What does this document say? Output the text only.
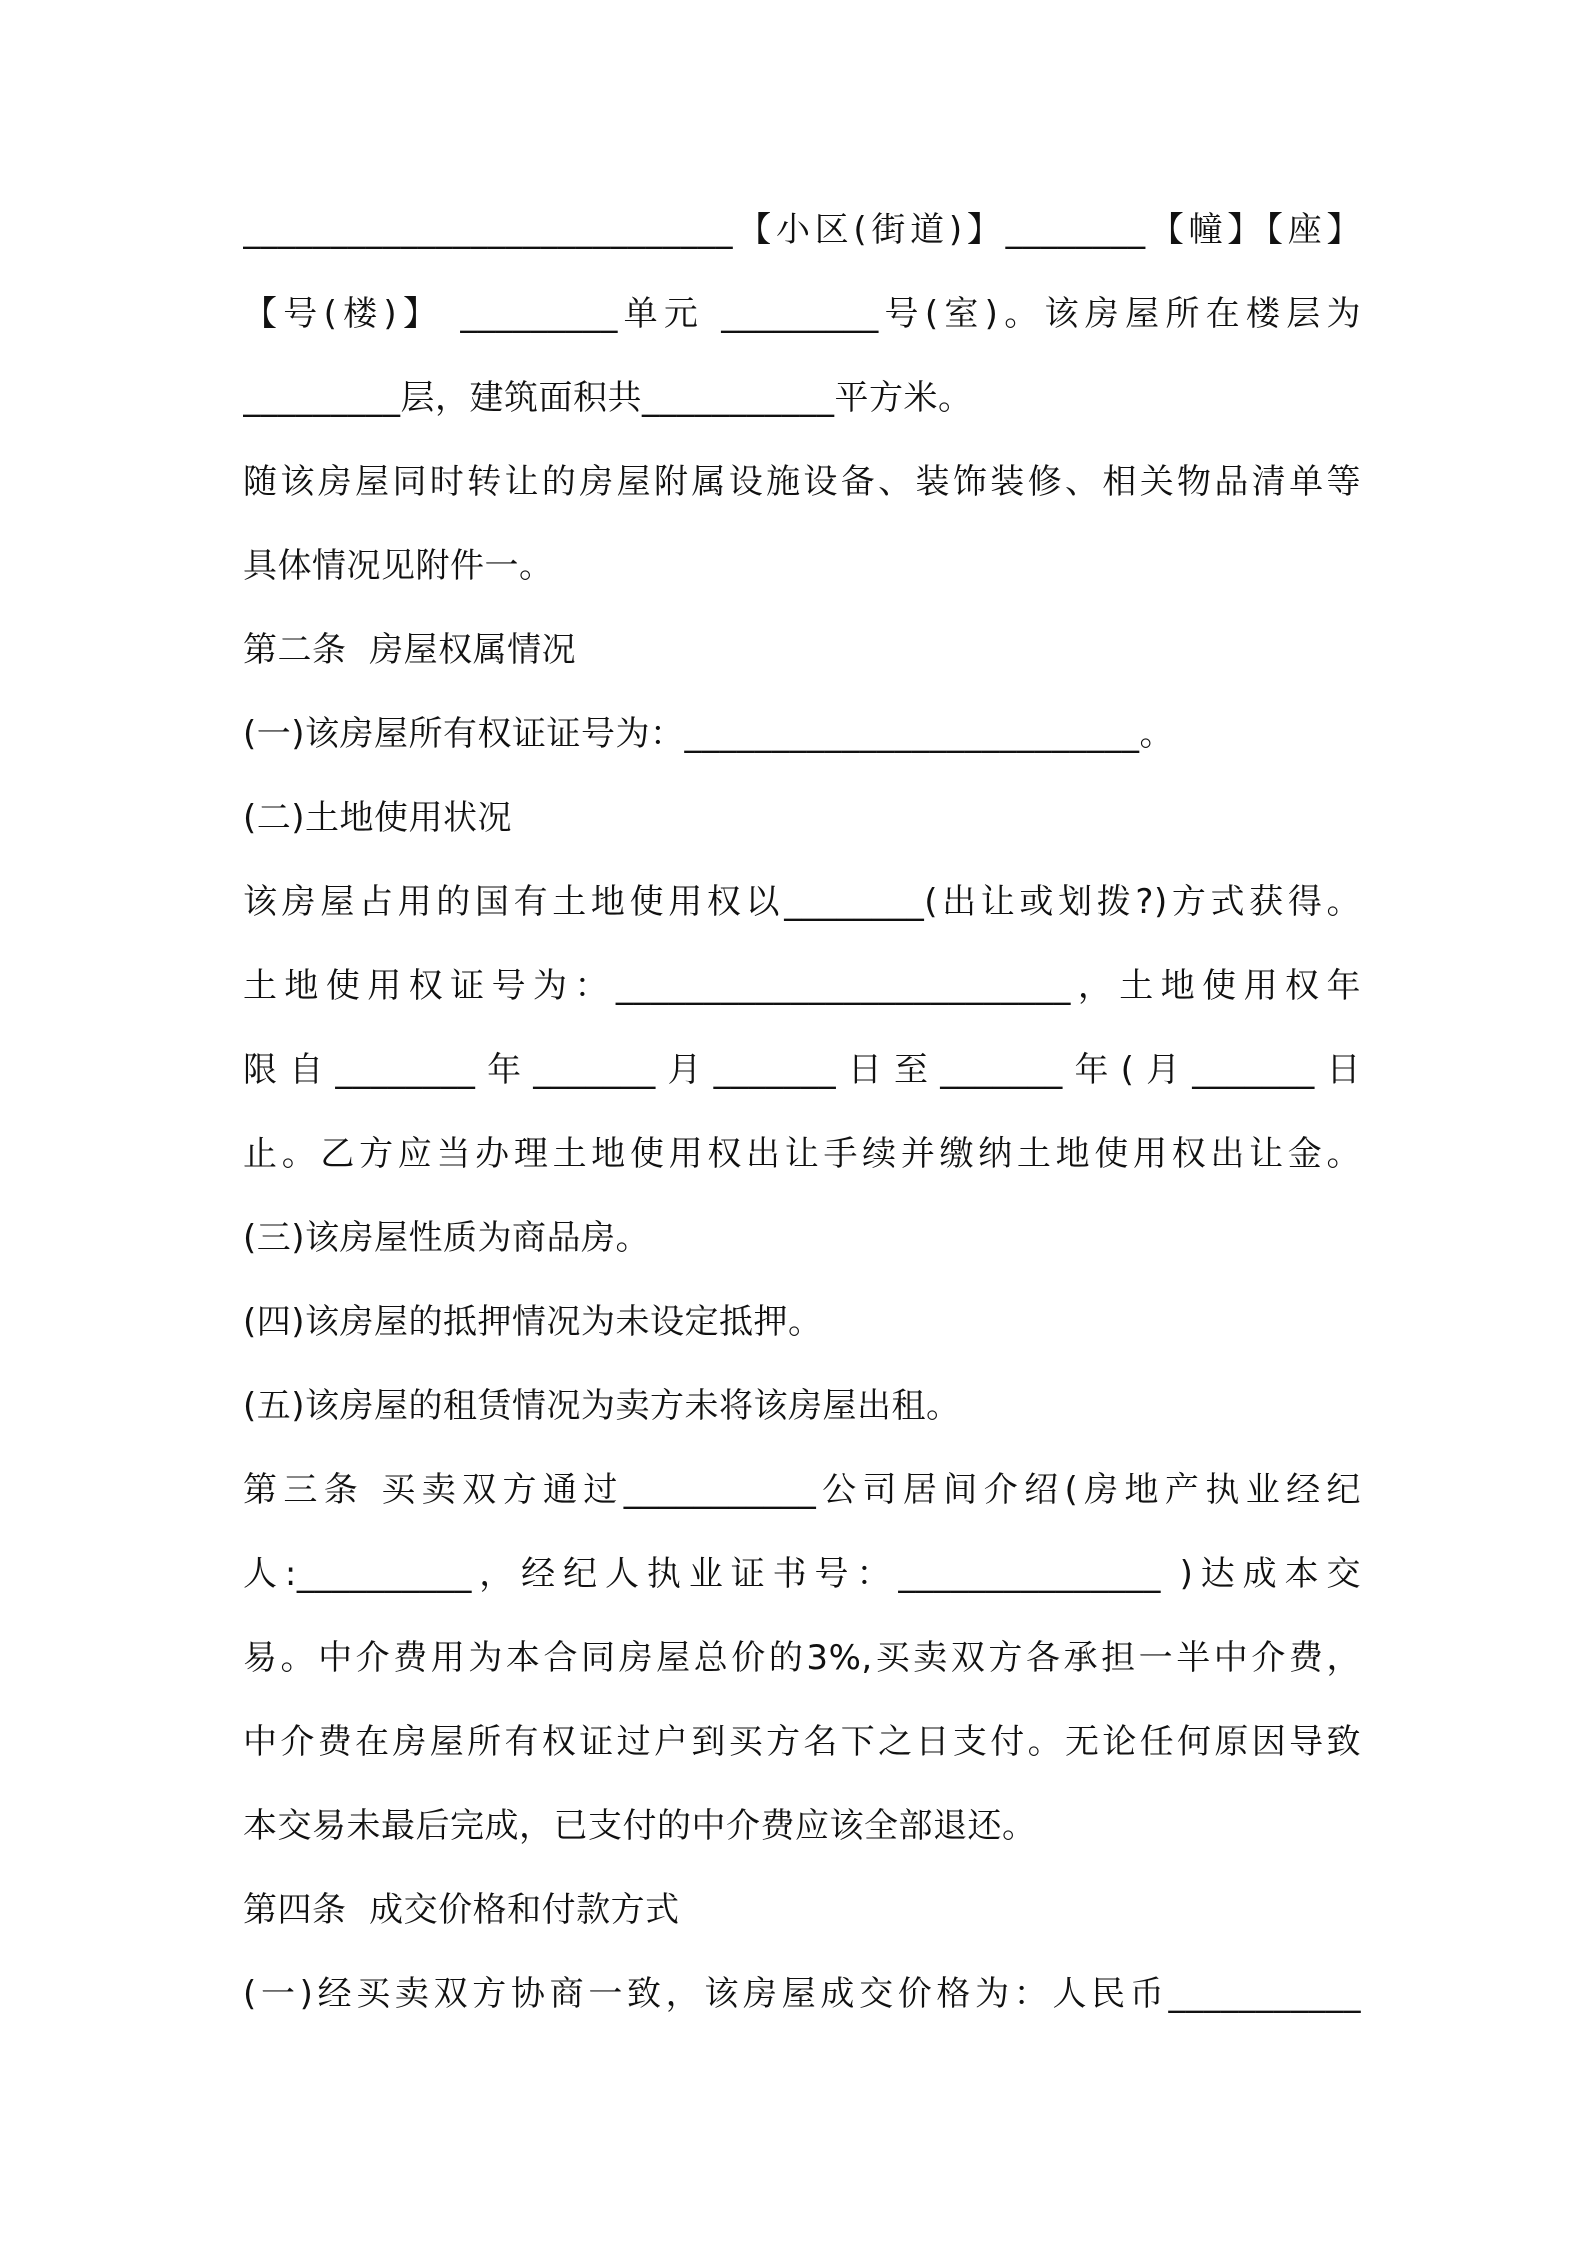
____________________________【小区(街道)】________【幢】【座】
【号(楼)】 _________单元 _________号(室)。该房屋所在楼层为
_________层，建筑面积共___________平方米。
随该房屋同时转让的房屋附属设施设备、装饰装修、相关物品清单等
具体情况见附件一。
第二条  房屋权属情况
(一)该房屋所有权证证号为：__________________________。
(二)土地使用状况
该房屋占用的国有土地使用权以________(出让或划拨?)方式获得。
土地使用权证号为：__________________________，土地使用权年
限自________年_______月_______日至_______年(月_______日
止。乙方应当办理土地使用权出让手续并缴纳土地使用权出让金。
(三)该房屋性质为商品房。
(四)该房屋的抵押情况为未设定抵押。
(五)该房屋的租赁情况为卖方未将该房屋出租。
第三条 买卖双方通过___________公司居间介绍(房地产执业经纪
人:__________，经纪人执业证书号：_______________ )达成本交
易。中介费用为本合同房屋总价的3%,买卖双方各承担一半中介费，
中介费在房屋所有权证过户到买方名下之日支付。无论任何原因导致
本交易未最后完成，已支付的中介费应该全部退还。
第四条  成交价格和付款方式
(一)经买卖双方协商一致，该房屋成交价格为：人民币___________
